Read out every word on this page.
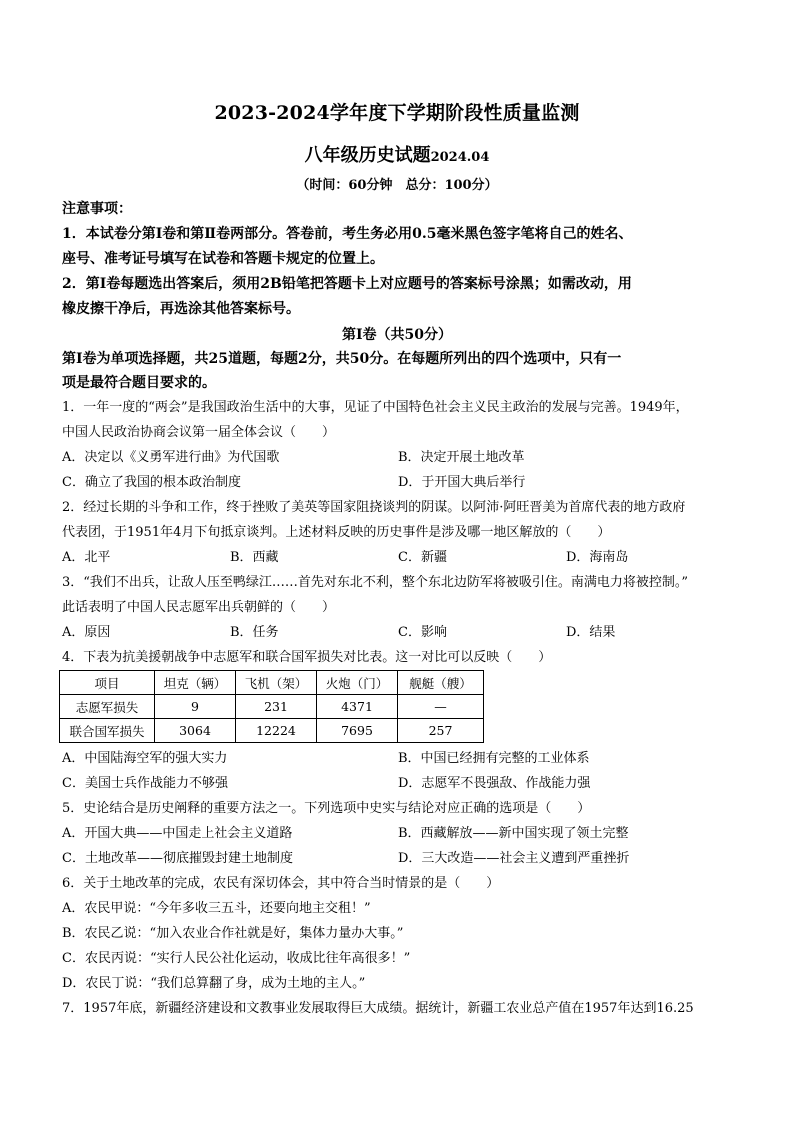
2023-2024学年度下学期阶段性质量监测
八年级历史试题2024.04
（时间：60分钟　总分：100分）
注意事项：
1．本试卷分第Ⅰ卷和第Ⅱ卷两部分。答卷前，考生务必用0.5毫米黑色签字笔将自己的姓名、
座号、准考证号填写在试卷和答题卡规定的位置上。
2．第Ⅰ卷每题选出答案后，须用2B铅笔把答题卡上对应题号的答案标号涂黑；如需改动，用
橡皮擦干净后，再选涂其他答案标号。
第Ⅰ卷（共50分）
第Ⅰ卷为单项选择题，共25道题，每题2分，共50分。在每题所列出的四个选项中，只有一
项是最符合题目要求的。
1．一年一度的“两会”是我国政治生活中的大事，见证了中国特色社会主义民主政治的发展与完善。1949年，
中国人民政治协商会议第一届全体会议（　　）
A．决定以《义勇军进行曲》为代国歌	B．决定开展土地改革
C．确立了我国的根本政治制度	D．于开国大典后举行
2．经过长期的斗争和工作，终于挫败了美英等国家阻挠谈判的阴谋。以阿沛·阿旺晋美为首席代表的地方政府
代表团，于1951年4月下旬抵京谈判。上述材料反映的历史事件是涉及哪一地区解放的（　　）
A．北平	B．西藏	C．新疆	D．海南岛
3．“我们不出兵，让敌人压至鸭绿江……首先对东北不利，整个东北边防军将被吸引住。南满电力将被控制。”
此话表明了中国人民志愿军出兵朝鲜的（　　）
A．原因	B．任务	C．影响	D．结果
4．下表为抗美援朝战争中志愿军和联合国军损失对比表。这一对比可以反映（　　）
项目	坦克（辆）	飞机（架）	火炮（门）	舰艇（艘）
志愿军损失	9	231	4371	—
联合国军损失	3064	12224	7695	257
A．中国陆海空军的强大实力	B．中国已经拥有完整的工业体系
C．美国士兵作战能力不够强	D．志愿军不畏强敌、作战能力强
5．史论结合是历史阐释的重要方法之一。下列选项中史实与结论对应正确的选项是（　　）
A．开国大典——中国走上社会主义道路	B．西藏解放——新中国实现了领土完整
C．土地改革——彻底摧毁封建土地制度	D．三大改造——社会主义遭到严重挫折
6．关于土地改革的完成，农民有深切体会，其中符合当时情景的是（　　）
A．农民甲说：“今年多收三五斗，还要向地主交租！”
B．农民乙说：“加入农业合作社就是好，集体力量办大事。”
C．农民丙说：“实行人民公社化运动，收成比往年高很多！”
D．农民丁说：“我们总算翻了身，成为土地的主人。”
7．1957年底，新疆经济建设和文教事业发展取得巨大成绩。据统计，新疆工农业总产值在1957年达到16.25
